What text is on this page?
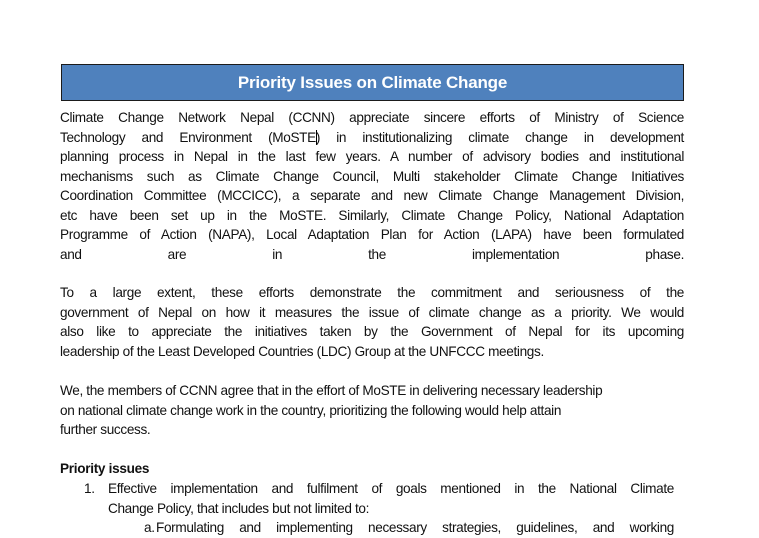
Priority Issues on Climate Change
Climate Change Network Nepal (CCNN) appreciate sincere efforts of Ministry of Science
Technology and Environment (MoSTE) in institutionalizing climate change in development
planning process in Nepal in the last few years. A number of advisory bodies and institutional
mechanisms such as Climate Change Council, Multi stakeholder Climate Change Initiatives
Coordination Committee (MCCICC), a separate and new Climate Change Management Division,
etc have been set up in the MoSTE. Similarly, Climate Change Policy, National Adaptation
Programme of Action (NAPA), Local Adaptation Plan for Action (LAPA) have been formulated
and are in the implementation phase.
To a large extent, these efforts demonstrate the commitment and seriousness of the
government of Nepal on how it measures the issue of climate change as a priority. We would
also like to appreciate the initiatives taken by the Government of Nepal for its upcoming
leadership of the Least Developed Countries (LDC) Group at the UNFCCC meetings.
We, the members of CCNN agree that in the effort of MoSTE in delivering necessary leadership
on national climate change work in the country, prioritizing the following would help attain
further success.
Priority issues
1. Effective implementation and fulfilment of goals mentioned in the National Climate
Change Policy, that includes but not limited to:
a. Formulating and implementing necessary strategies, guidelines, and working
